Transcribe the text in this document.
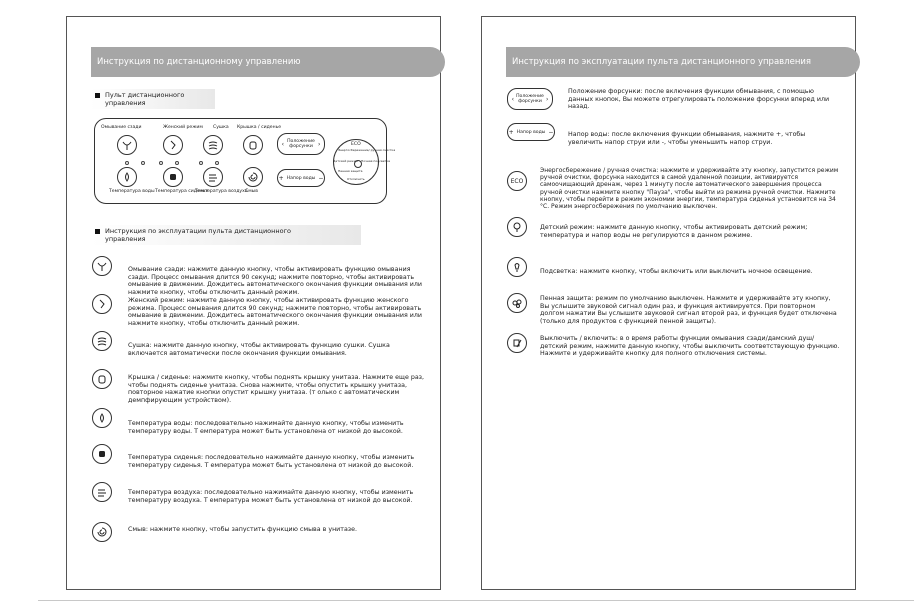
Инструкция по дистанционному управлению
Пульт дистанционного управления
Омывание сзади	Женский режим Сушка Крышка / сиденье
Температура воды Температура сиденья
Температура воздуха
Смыв
‹ Положение форсунки ›
+ Напор воды −
ECO
Энергосбережение/ ручная очистка
Детский режим Ночная подсветка
Пенная защита
Отключить
Инструкция по эксплуатации пульта дистанционного управления
Омывание сзади: нажмите данную кнопку, чтобы активировать функцию омывания сзади. Процесс омывания длится 90 секунд; нажмите повторно, чтобы активировать омывание в движении. Дождитесь автоматического окончания функции омывания или нажмите кнопку, чтобы отключить данный режим.
Женский режим: нажмите данную кнопку, чтобы активировать функцию женского режима. Процесс омывания длится 90 секунд; нажмите повторно, чтобы активировать омывание в движении. Дождитесь автоматического окончания функции омывания или нажмите кнопку, чтобы отключить данный режим.
Сушка: нажмите данную кнопку, чтобы активировать функцию сушки. Сушка включается автоматически после окончания функции омывания.
Крышка / сиденье: нажмите кнопку, чтобы поднять крышку унитаза. Нажмите еще раз, чтобы поднять сиденье унитаза. Снова нажмите, чтобы опустить крышку унитаза, повторное нажатие кнопки опустит крышку унитаза. (т олько с автоматическим демпфирующим устройством).
Температура воды: последовательно нажимайте данную кнопку, чтобы изменить температуру воды. Т емпература может быть установлена от низкой до высокой.
Температура сиденья: последовательно нажимайте данную кнопку, чтобы изменить температуру сиденья. Т емпература может быть установлена от низкой до высокой.
Температура воздуха: последовательно нажимайте данную кнопку, чтобы изменить температуру воздуха. Т емпература может быть установлена от низкой до высокой.
Смыв: нажмите кнопку, чтобы запустить функцию смыва в унитазе.
Инструкция по эксплуатации пульта дистанционного управления
‹ Положение форсунки ›
Положение форсунки: после включения функции обмывания, с помощью данных кнопок, Вы можете отрегулировать положение форсунки вперед или назад.
+ Напор воды − Напор воды: после включения функции обмывания, нажмите +, чтобы увеличить напор струи или -, чтобы уменьшить напор струи.
ECO
Энергосбережение / ручная очистка: нажмите и удерживайте эту кнопку, запустится режим ручной очистки, форсунка находится в самой удаленной позиции, активируется самоочищающий дренаж, через 1 минуту после автоматического завершения процесса ручной очистки нажмите кнопку "Пауза", чтобы выйти из режима ручной очистки. Нажмите кнопку, чтобы перейти в режим экономии энергии, температура сиденья установится на 34 °С. Режим энергосбережения по умолчанию выключен.
Детский режим: нажмите данную кнопку, чтобы активировать детский режим; температура и напор воды не регулируются в данном режиме.
Подсветка: нажмите кнопку, чтобы включить или выключить ночное освещение.
Пенная защита: режим по умолчанию выключен. Нажмите и удерживайте эту кнопку, Вы услышите звуковой сигнал один раз, и функция активируется. При повторном долгом нажатии Вы услышите звуковой сигнал второй раз, и функция будет отключена (только для продуктов с функцией пенной защиты).
Выключить / включить: в о время работы функции омывания сзади/дамский душ/ детский режим, нажмите данную кнопку, чтобы выключить соответствующую функцию. Нажмите и удерживайте кнопку для полного отключения системы.
